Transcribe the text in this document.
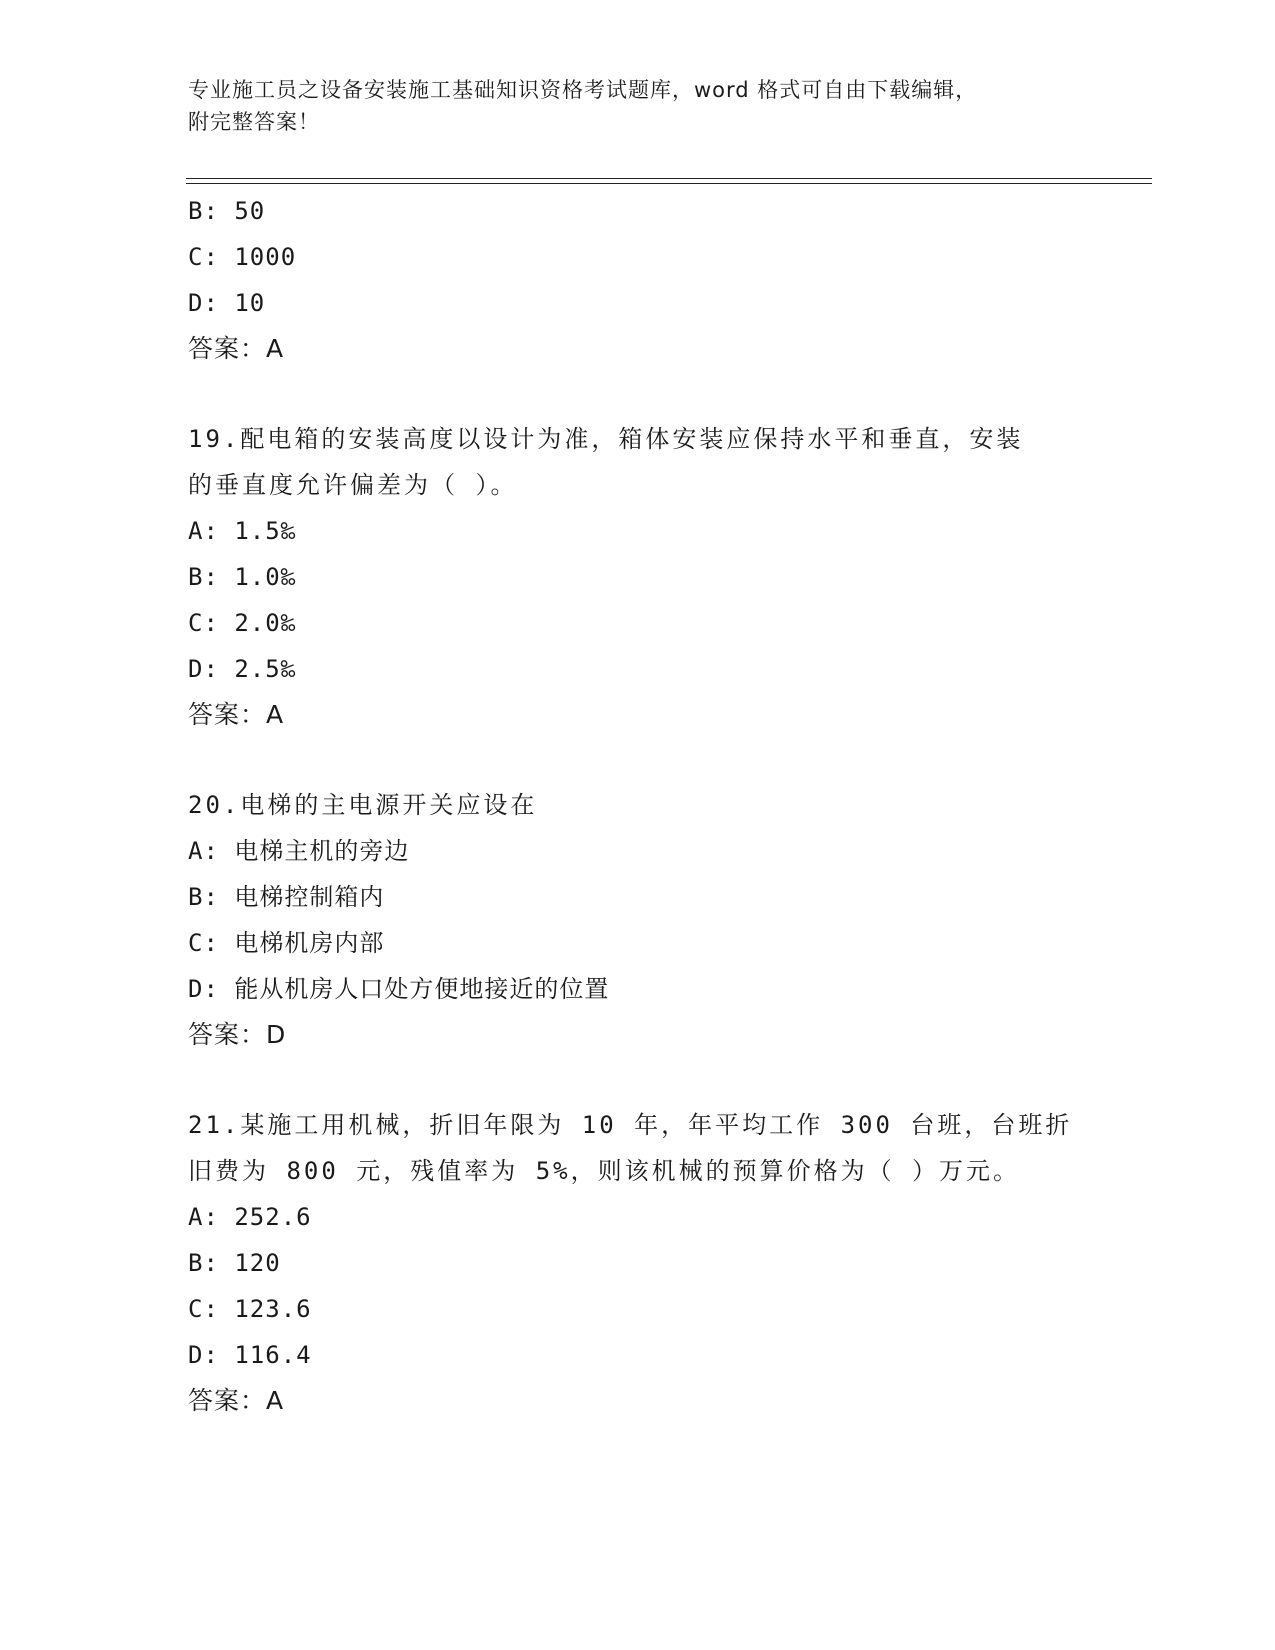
专业施工员之设备安装施工基础知识资格考试题库，word 格式可自由下载编辑，
附完整答案！
B: 50
C: 1000
D: 10
答案：A
19.配电箱的安装高度以设计为准，箱体安装应保持水平和垂直，安装
的垂直度允许偏差为（ ）。
A: 1.5‰
B: 1.0‰
C: 2.0‰
D: 2.5‰
答案：A
20.电梯的主电源开关应设在
A: 电梯主机的旁边
B: 电梯控制箱内
C: 电梯机房内部
D: 能从机房人口处方便地接近的位置
答案：D
21.某施工用机械，折旧年限为 10 年，年平均工作 300 台班，台班折
旧费为 800 元，残值率为 5%，则该机械的预算价格为（ ）万元。
A: 252.6
B: 120
C: 123.6
D: 116.4
答案：A
